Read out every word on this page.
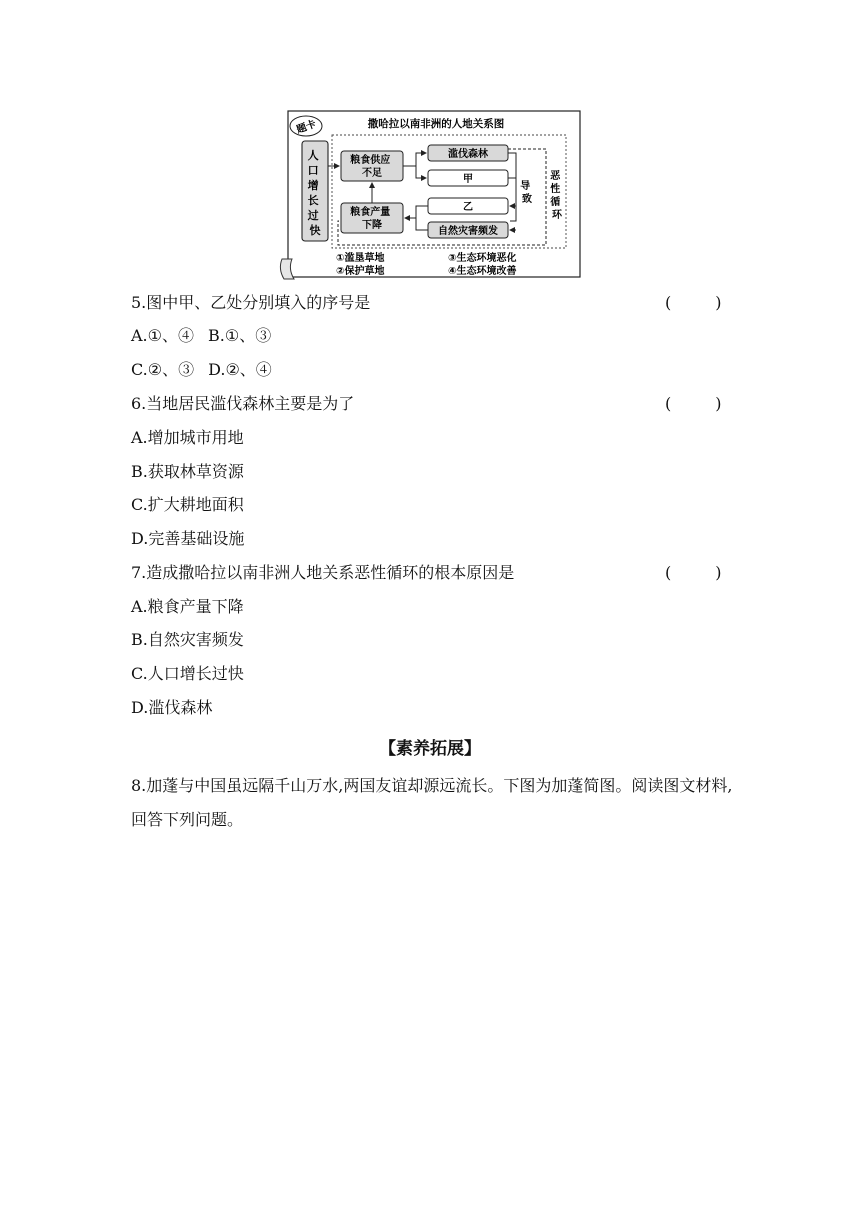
题卡	撒哈拉以南非洲的人地关系图
人 口 增 长 过 快
粮食供应 不足
粮食产量 下降
滥伐森林
甲
乙
自然灾害频发
导 致
恶 性 循 环
①滥垦草地
②保护草地
③生态环境恶化
④生态环境改善
5.图中甲、乙处分别填入的序号是	(	)
A.①、④ B.①、③
C.②、③ D.②、④
6.当地居民滥伐森林主要是为了	(	)
A.增加城市用地
B.获取林草资源
C.扩大耕地面积
D.完善基础设施
7.造成撒哈拉以南非洲人地关系恶性循环的根本原因是	(	)
A.粮食产量下降
B.自然灾害频发
C.人口增长过快
D.滥伐森林
【素养拓展】
8.加蓬与中国虽远隔千山万水,两国友谊却源远流长。下图为加蓬简图。阅读图文材料,回答下列问题。
